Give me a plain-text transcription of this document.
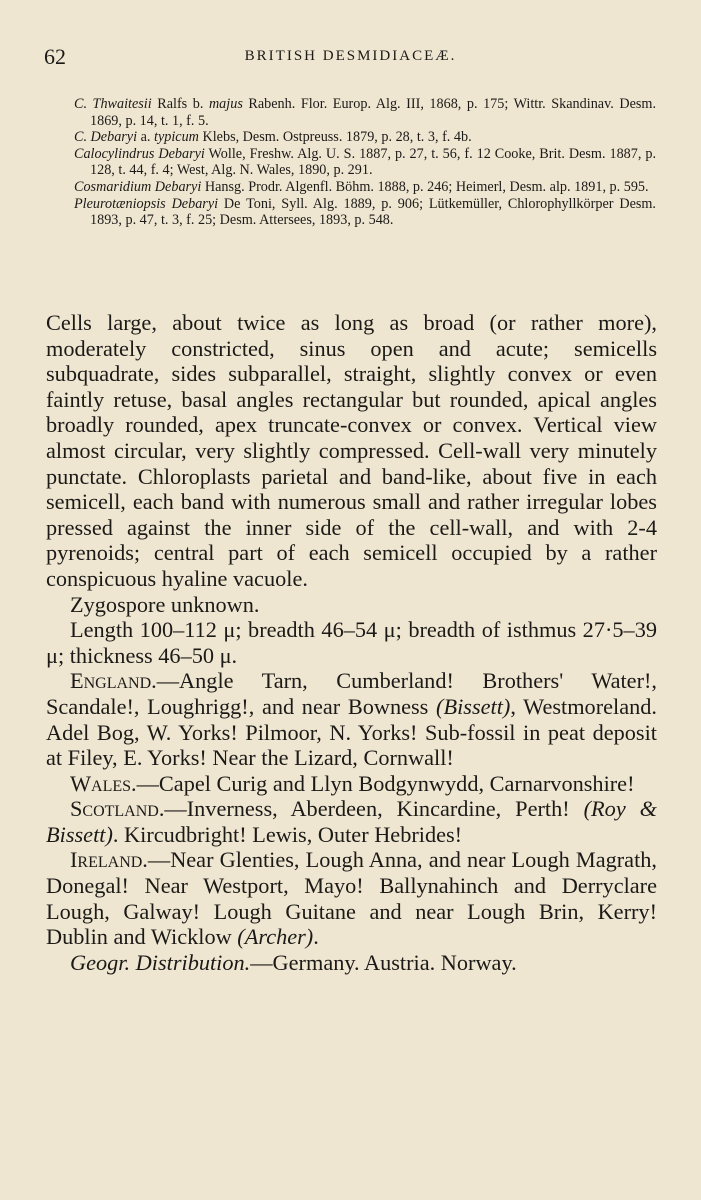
62	BRITISH DESMIDIACEÆ.

C. Thwaitesii Ralfs b. majus Rabenh. Flor. Europ. Alg. III, 1868, p. 175; Wittr. Skandinav. Desm. 1869, p. 14, t. 1, f. 5.

C. Debaryi a. typicum Klebs, Desm. Ostpreuss. 1879, p. 28, t. 3, f. 4b.

Calocylindrus Debaryi Wolle, Freshw. Alg. U. S. 1887, p. 27, t. 56, f. 12 Cooke, Brit. Desm. 1887, p. 128, t. 44, f. 4; West, Alg. N. Wales, 1890, p. 291.

Cosmaridium Debaryi Hansg. Prodr. Algenfl. Böhm. 1888, p. 246; Heimerl, Desm. alp. 1891, p. 595.

Pleurotæniopsis Debaryi De Toni, Syll. Alg. 1889, p. 906; Lütkemüller, Chlorophyllkörper Desm. 1893, p. 47, t. 3, f. 25; Desm. Attersees, 1893, p. 548.

Cells large, about twice as long as broad (or rather more), moderately constricted, sinus open and acute; semicells subquadrate, sides subparallel, straight, slightly convex or even faintly retuse, basal angles rectangular but rounded, apical angles broadly rounded, apex truncate-convex or convex. Vertical view almost circular, very slightly compressed. Cell-wall very minutely punctate. Chloroplasts parietal and band-like, about five in each semicell, each band with numerous small and rather irregular lobes pressed against the inner side of the cell-wall, and with 2-4 pyrenoids; central part of each semicell occupied by a rather conspicuous hyaline vacuole.

Zygospore unknown.

Length 100–112 μ; breadth 46–54 μ; breadth of isthmus 27·5–39 μ; thickness 46–50 μ.

England.—Angle Tarn, Cumberland! Brothers' Water!, Scandale!, Loughrigg!, and near Bowness (Bissett), Westmoreland. Adel Bog, W. Yorks! Pilmoor, N. Yorks! Sub-fossil in peat deposit at Filey, E. Yorks! Near the Lizard, Cornwall!

Wales.—Capel Curig and Llyn Bodgynwydd, Carnarvonshire!

Scotland.—Inverness, Aberdeen, Kincardine, Perth! (Roy & Bissett). Kircudbright! Lewis, Outer Hebrides!

Ireland.—Near Glenties, Lough Anna, and near Lough Magrath, Donegal! Near Westport, Mayo! Ballynahinch and Derryclare Lough, Galway! Lough Guitane and near Lough Brin, Kerry! Dublin and Wicklow (Archer).

Geogr. Distribution.—Germany. Austria. Norway.
